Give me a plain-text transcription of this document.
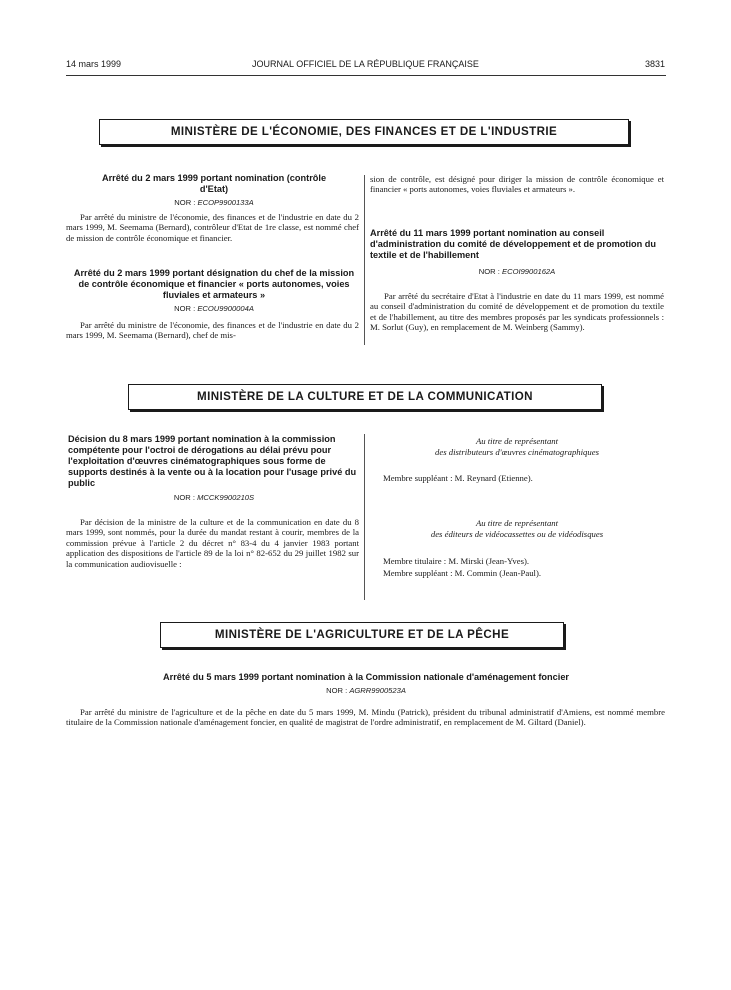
14 mars 1999	JOURNAL OFFICIEL DE LA RÉPUBLIQUE FRANÇAISE	3831
MINISTÈRE DE L'ÉCONOMIE, DES FINANCES ET DE L'INDUSTRIE
Arrêté du 2 mars 1999 portant nomination (contrôle d'Etat)
NOR : ECOP9900133A
Par arrêté du ministre de l'économie, des finances et de l'industrie en date du 2 mars 1999, M. Seemama (Bernard), contrôleur d'Etat de 1re classe, est nommé chef de mission de contrôle économique et financier.
Arrêté du 2 mars 1999 portant désignation du chef de la mission de contrôle économique et financier « ports autonomes, voies fluviales et armateurs »
NOR : ECOU9900004A
Par arrêté du ministre de l'économie, des finances et de l'industrie en date du 2 mars 1999, M. Seemama (Bernard), chef de mis-
sion de contrôle, est désigné pour diriger la mission de contrôle économique et financier « ports autonomes, voies fluviales et armateurs ».
Arrêté du 11 mars 1999 portant nomination au conseil d'administration du comité de développement et de promotion du textile et de l'habillement
NOR : ECOI9900162A
Par arrêté du secrétaire d'Etat à l'industrie en date du 11 mars 1999, est nommé au conseil d'administration du comité de développement et de promotion du textile et de l'habillement, au titre des membres proposés par les syndicats professionnels : M. Sorlut (Guy), en remplacement de M. Weinberg (Sammy).
MINISTÈRE DE LA CULTURE ET DE LA COMMUNICATION
Décision du 8 mars 1999 portant nomination à la commission compétente pour l'octroi de dérogations au délai prévu pour l'exploitation d'œuvres cinématographiques sous forme de supports destinés à la vente ou à la location pour l'usage privé du public
NOR : MCCK9900210S
Par décision de la ministre de la culture et de la communication en date du 8 mars 1999, sont nommés, pour la durée du mandat restant à courir, membres de la commission prévue à l'article 2 du décret n° 83-4 du 4 janvier 1983 portant application des dispositions de l'article 89 de la loi n° 82-652 du 29 juillet 1982 sur la communication audiovisuelle :
Au titre de représentant
des distributeurs d'œuvres cinématographiques
Membre suppléant : M. Reynard (Etienne).
Au titre de représentant
des éditeurs de vidéocassettes ou de vidéodisques
Membre titulaire : M. Mirski (Jean-Yves).
Membre suppléant : M. Commin (Jean-Paul).
MINISTÈRE DE L'AGRICULTURE ET DE LA PÊCHE
Arrêté du 5 mars 1999 portant nomination à la Commission nationale d'aménagement foncier
NOR : AGRR9900523A
Par arrêté du ministre de l'agriculture et de la pêche en date du 5 mars 1999, M. Mindu (Patrick), président du tribunal administratif d'Amiens, est nommé membre titulaire de la Commission nationale d'aménagement foncier, en qualité de magistrat de l'ordre administratif, en remplacement de M. Giltard (Daniel).
